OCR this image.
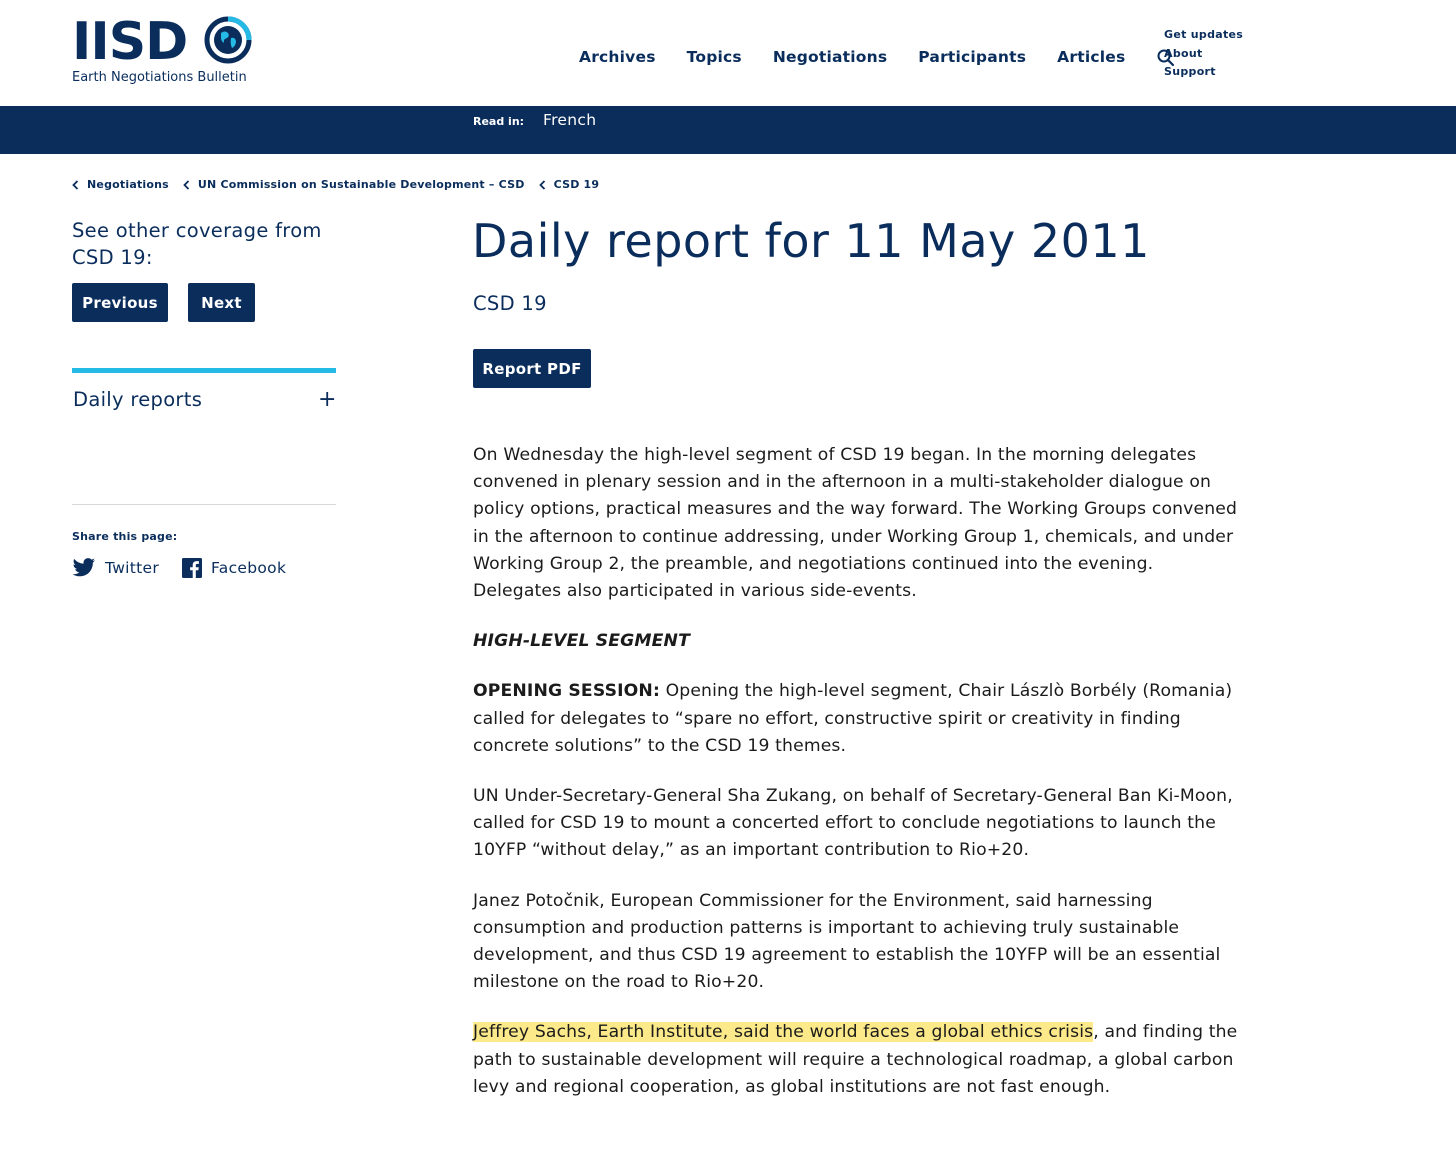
IISD
Earth Negotiations Bulletin
Archives Topics Negotiations Participants Articles
Get updates
About
Support
Read in: French
Negotiations	UN Commission on Sustainable Development – CSD	CSD 19
See other coverage from CSD 19:
Previous	Next
Daily reports	+
Share this page:
Twitter	Facebook
Daily report for 11 May 2011
CSD 19
Report PDF

On Wednesday the high-level segment of CSD 19 began. In the morning delegates convened in plenary session and in the afternoon in a multi-stakeholder dialogue on policy options, practical measures and the way forward. The Working Groups convened in the afternoon to continue addressing, under Working Group 1, chemicals, and under Working Group 2, the preamble, and negotiations continued into the evening. Delegates also participated in various side-events.

HIGH-LEVEL SEGMENT

OPENING SESSION: Opening the high-level segment, Chair Lászlò Borbély (Romania) called for delegates to “spare no effort, constructive spirit or creativity in finding concrete solutions” to the CSD 19 themes.

UN Under-Secretary-General Sha Zukang, on behalf of Secretary-General Ban Ki-Moon, called for CSD 19 to mount a concerted effort to conclude negotiations to launch the 10YFP “without delay,” as an important contribution to Rio+20.

Janez Potočnik, European Commissioner for the Environment, said harnessing consumption and production patterns is important to achieving truly sustainable development, and thus CSD 19 agreement to establish the 10YFP will be an essential milestone on the road to Rio+20.

Jeffrey Sachs, Earth Institute, said the world faces a global ethics crisis, and finding the path to sustainable development will require a technological roadmap, a global carbon levy and regional cooperation, as global institutions are not fast enough.
